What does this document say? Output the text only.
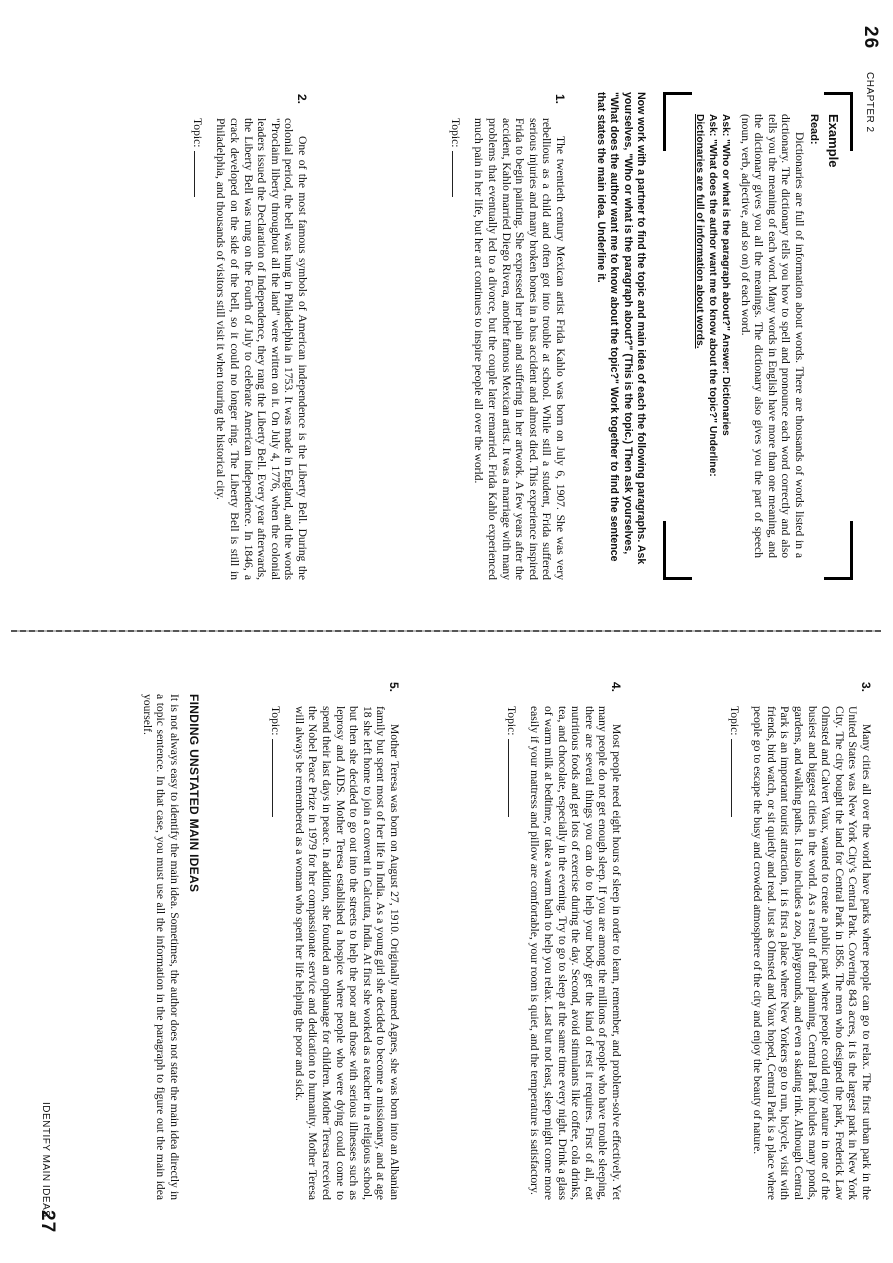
26
CHAPTER 2
Example
Read:

Dictionaries are full of information about words. There are thousands of words listed in a dictionary. The dictionary tells you how to spell and pronounce each word correctly and also tells you the meaning of each word. Many words in English have more than one meaning, and the dictionary gives you all the meanings. The dictionary also gives you the part of speech (noun, verb, adjective, and so on) of each word.

Ask: "Who or what is the paragraph about?" Answer: Dictionaries
Ask: "What does the author want me to know about the topic?" Underline:
Dictionaries are full of information about words.
Now work with a partner to find the topic and main idea of each the following paragraphs. Ask yourselves, "Who or what is the paragraph about?" (This is the topic.) Then ask yourselves, "What does the author want me to know about the topic?" Work together to find the sentence that states the main idea. Underline it.
1.

The twentieth century Mexican artist Frida Kahlo was born on July 6, 1907. She was very rebellious as a child and often got into trouble at school. While still a student, Frida suffered serious injuries and many broken bones in a bus accident and almost died. This experience inspired Frida to begin painting. She expressed her pain and suffering in her artwork. A few years after the accident, Kahlo married Diego Rivera, another famous Mexican artist. It was a marriage with many problems that eventually led to a divorce, but the couple later remarried. Frida Kahlo experienced much pain in her life, but her art continues to inspire people all over the world.

Topic:
2.

One of the most famous symbols of American independence is the Liberty Bell. During the colonial period, the bell was hung in Philadelphia in 1753. It was made in England, and the words "Proclaim liberty throughout all the land" were written on it. On July 4, 1776, when the colonial leaders issued the Declaration of Independence, they rang the Liberty Bell. Every year afterwards, the Liberty Bell was rung on the Fourth of July to celebrate American independence. In 1846, a crack developed on the side of the bell, so it could no longer ring. The Liberty Bell is still in Philadelphia, and thousands of visitors still visit it when touring the historical city.

Topic:
IDENTIFY MAIN IDEAS
27
3.

Many cities all over the world have parks where people can go to relax. The first urban park in the United States was New York City's Central Park. Covering 843 acres, it is the largest park in New York City. The city bought the land for Central Park in 1856. The men who designed the park, Frederick Law Olmsted and Calvert Vaux, wanted to create a public park where people could enjoy nature in one of the busiest and biggest cities in the world. As a result of their planning, Central Park includes many ponds, gardens, and walking paths. It also includes a zoo, playgrounds, and even a skating rink. Although Central Park is an important tourist attraction, it is first a place where New Yorkers go to run, bicycle, visit with friends, bird watch, or sit quietly and read. Just as Olmsted and Vaux hoped, Central Park is a place where people go to escape the busy and crowded atmosphere of the city and enjoy the beauty of nature.

Topic:
4.

Most people need eight hours of sleep in order to learn, remember, and problem-solve effectively. Yet many people do not get enough sleep. If you are among the millions of people who have trouble sleeping, there are several things you can do to help your body get the kind of rest it requires. First of all, eat nutritious foods and get lots of exercise during the day. Second, avoid stimulants like coffee, cola drinks, tea, and chocolate, especially in the evening. Try to go to sleep at the same time every night. Drink a glass of warm milk at bedtime, or take a warm bath to help you relax. Last but not least, sleep might come more easily if your mattress and pillow are comfortable, your room is quiet, and the temperature is satisfactory.

Topic:
5.

Mother Teresa was born on August 27, 1910. Originally named Agnes, she was born into an Albanian family but spent most of her life in India. As a young girl she decided to become a missionary, and at age 18 she left home to join a convent in Calcutta, India. At first she worked as a teacher in a religious school, but then she decided to go out into the streets to help the poor and those with serious illnesses such as leprosy and AIDS. Mother Teresa established a hospice where people who were dying could come to spend their last days in peace. In addition, she founded an orphanage for children. Mother Teresa received the Nobel Peace Prize in 1979 for her compassionate service and dedication to humanity. Mother Teresa will always be remembered as a woman who spent her life helping the poor and sick.

Topic:
FINDING UNSTATED MAIN IDEAS

It is not always easy to identify the main idea. Sometimes, the author does not state the main idea directly in a topic sentence. In that case, you must use all the information in the paragraph to figure out the main idea yourself.
